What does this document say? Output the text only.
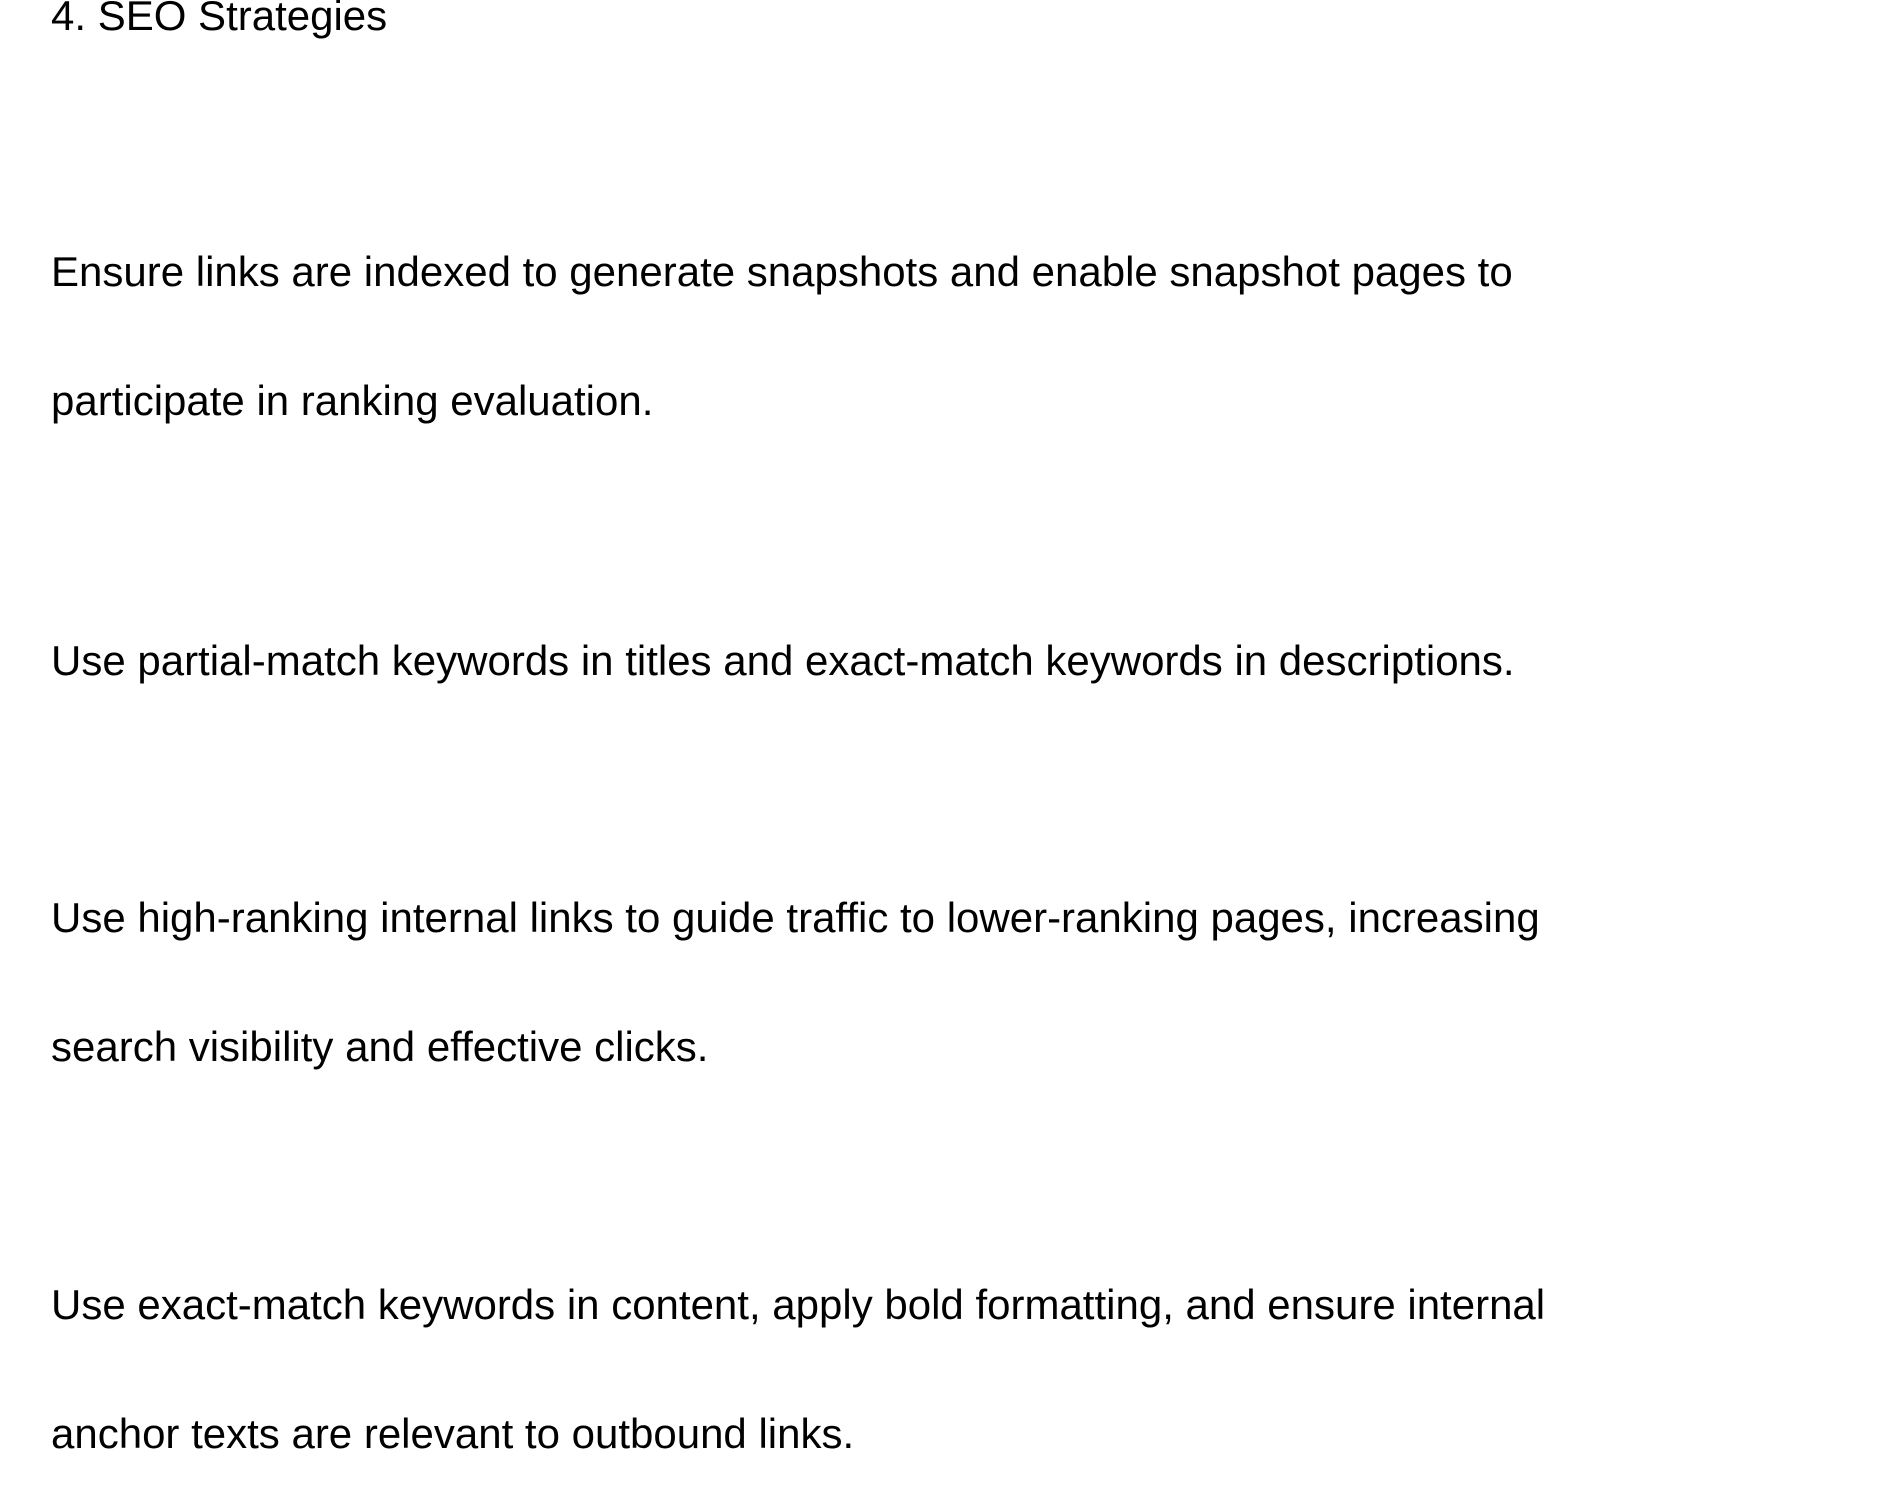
4. SEO Strategies
Ensure links are indexed to generate snapshots and enable snapshot pages to
participate in ranking evaluation.
Use partial-match keywords in titles and exact-match keywords in descriptions.
Use high-ranking internal links to guide traffic to lower-ranking pages, increasing
search visibility and effective clicks.
Use exact-match keywords in content, apply bold formatting, and ensure internal
anchor texts are relevant to outbound links.
